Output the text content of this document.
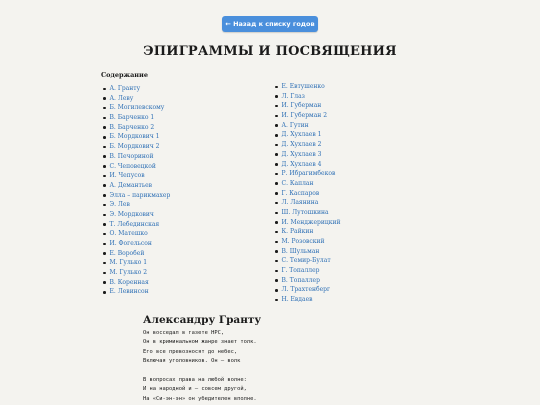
← Назад к списку годов
ЭПИГРАММЫ И ПОСВЯЩЕНИЯ
Содержание
А. Гранту
А. Леву
Б. Могилевскому
В. Барченко 1
В. Барченко 2
Б. Мордкович 1
Б. Мордкович 2
В. Печориной
С. Чеповецкой
И. Чепусов
А. Демантьев
Элла – парикмахер
Э. Лев
Э. Мордкович
Т. Лебединская
О. Матешко
И. Фогельсон
Е. Воробей
М. Гулько 1
М. Гулько 2
В. Коренная
Е. Левинсон
Е. Евтушенко
Л. Глаз
И. Губерман
И. Губерман 2
А. Гутин
Д. Хухлаев 1
Д. Хухлаев 2
Д. Хухлаев 3
Д. Хухлаев 4
Р. Ибрагимбеков
С. Каплан
Г. Каспаров
Л. Лаянина
Ш. Лутошкина
И. Менджерицкий
К. Райкин
М. Розовский
В. Шульман
С. Темир-Булат
Г. Топаллер
В. Топаллер
Л. Трахтенберг
Н. Евдаев
Александру Гранту
Он восседал в газете НРС,
Он в криминальном жанре знает толк.
Его все превозносят до небес,
Включая уголовников. Он – волк
В вопросах права на любой волне:
И на народной и – совсем другой,
На «Си-эн-эн» он убедителен вполне.
